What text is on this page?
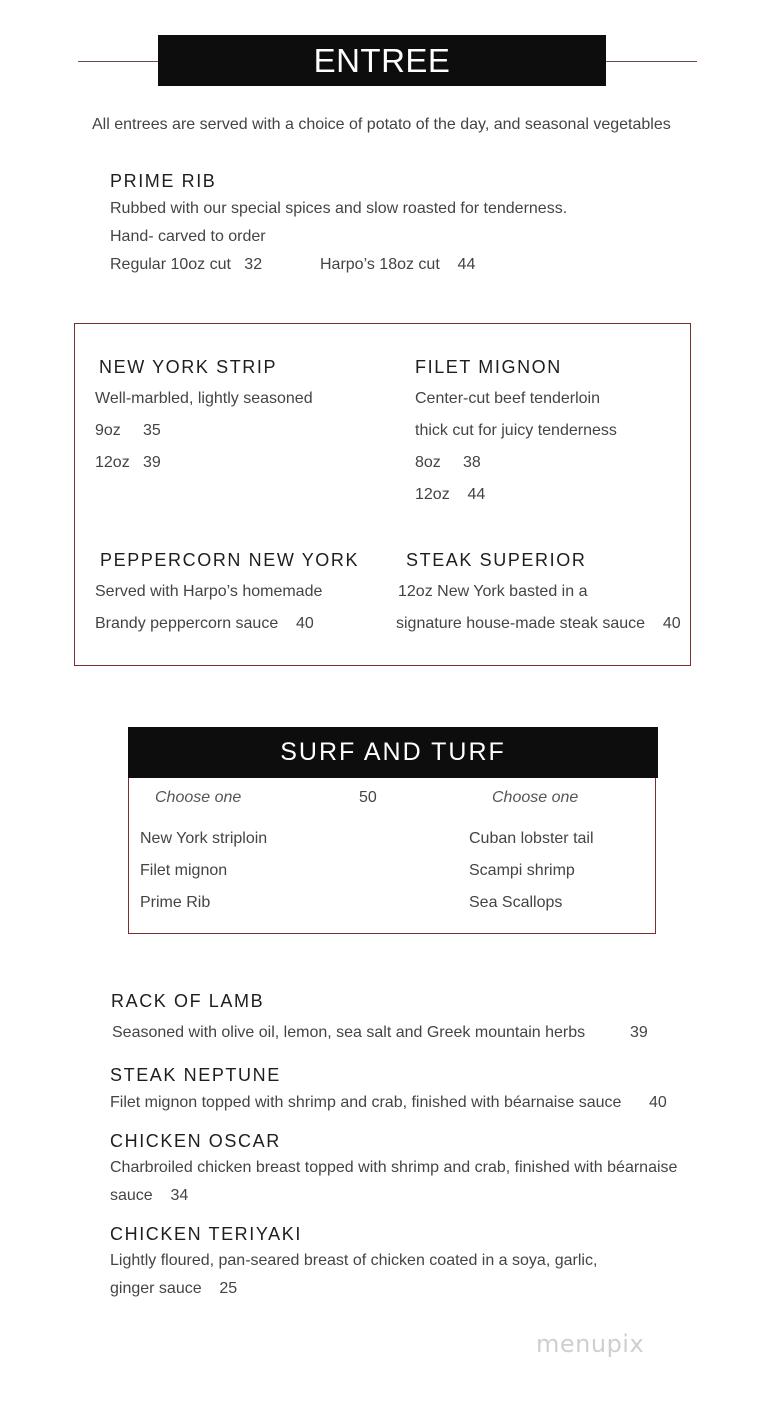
ENTREE
All entrees are served with a choice of potato of the day, and seasonal vegetables
PRIME RIB
Rubbed with our special spices and slow roasted for tenderness.
Hand- carved to order
Regular 10oz cut   32	Harpo’s 18oz cut    44
NEW YORK STRIP
Well-marbled, lightly seasoned
9oz     35
12oz   39
FILET MIGNON
Center-cut beef tenderloin
thick cut for juicy tenderness
8oz     38
12oz    44
PEPPERCORN NEW YORK
Served with Harpo’s homemade
Brandy peppercorn sauce    40
STEAK SUPERIOR
12oz New York basted in a
signature house-made steak sauce    40
SURF AND TURF
Choose one	50	Choose one
New York striploin
Filet mignon
Prime Rib
Cuban lobster tail
Scampi shrimp
Sea Scallops
RACK OF LAMB
Seasoned with olive oil, lemon, sea salt and Greek mountain herbs	39
STEAK NEPTUNE
Filet mignon topped with shrimp and crab, finished with béarnaise sauce 40
CHICKEN OSCAR
Charbroiled chicken breast topped with shrimp and crab, finished with béarnaise
sauce    34
CHICKEN TERIYAKI
Lightly floured, pan-seared breast of chicken coated in a soya, garlic,
ginger sauce    25
menupix
